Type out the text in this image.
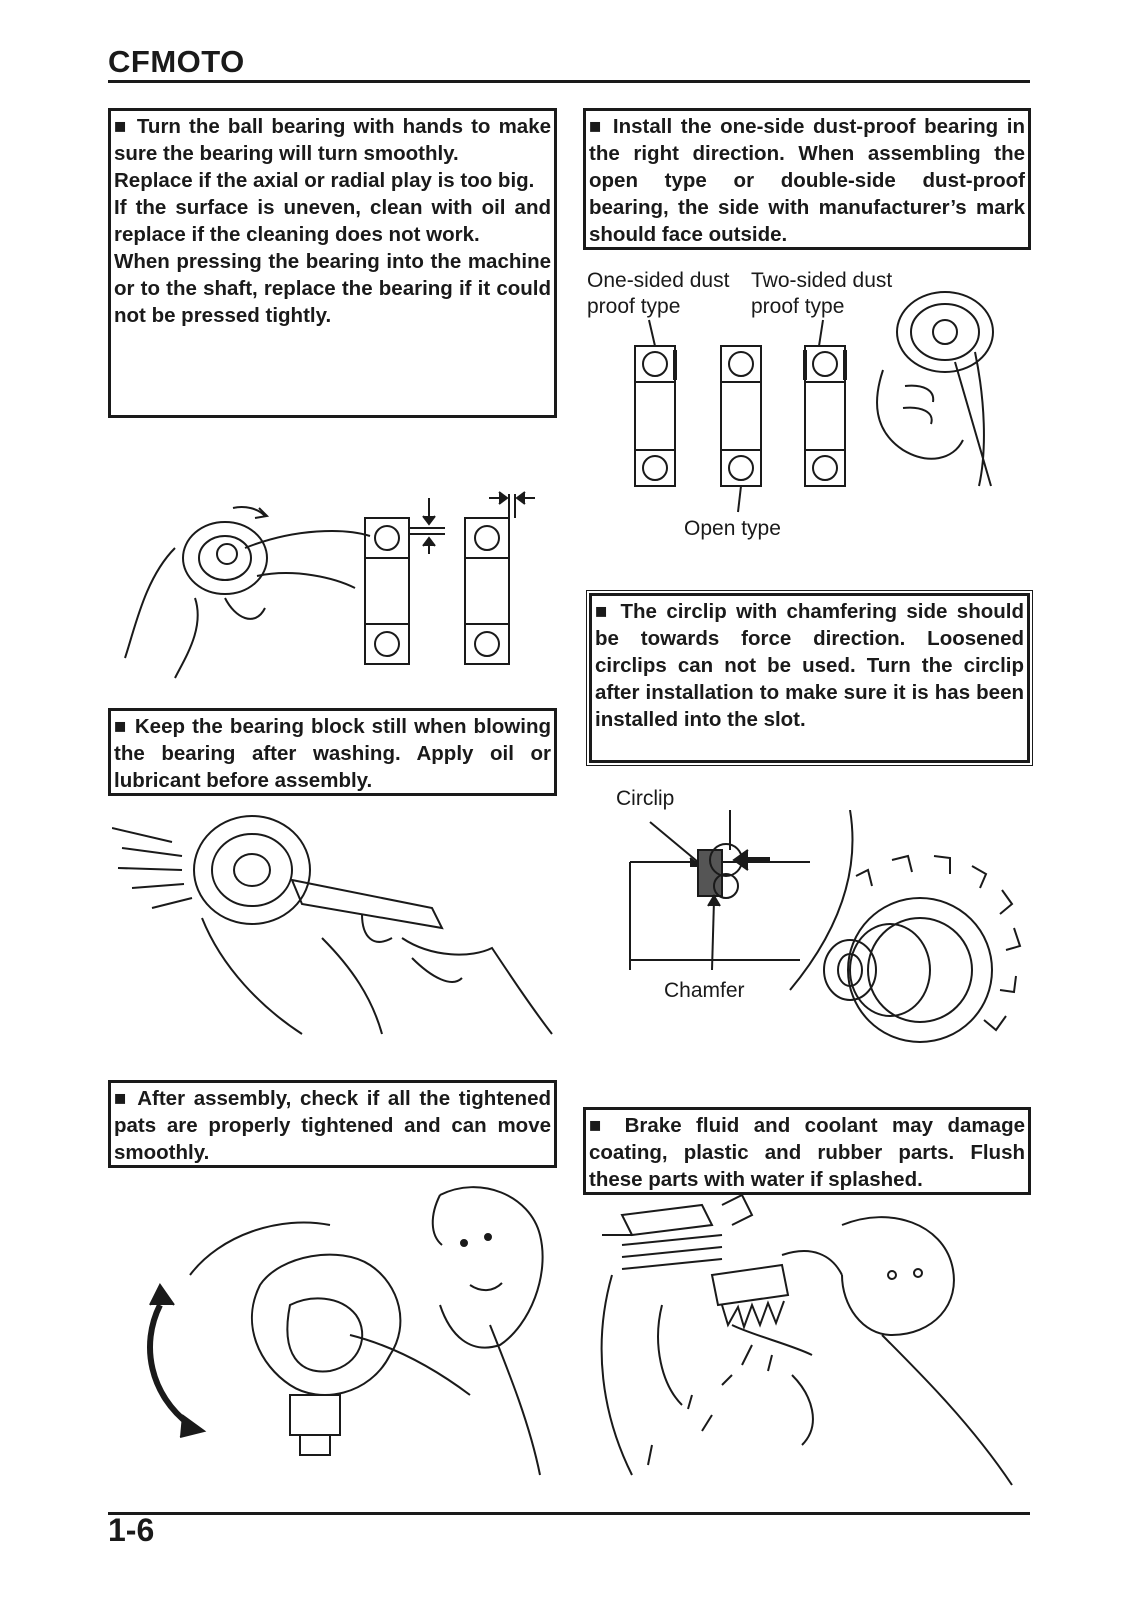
CFMOTO

■ Turn the ball bearing with hands to make sure the bearing will turn smoothly.

Replace if the axial or radial play is too big.

If the surface is uneven, clean with oil and replace if the cleaning does not work.

When pressing the bearing into the machine or to the shaft, replace the bearing if it could not be pressed tightly.

■ Install the one-side dust-proof bearing in the right direction. When assembling the open type or double-side dust-proof bearing, the side with manufacturer’s mark should face outside.

One-sided dust
proof type
Two-sided dust
proof type
Open type

■ The circlip with chamfering side should be towards force direction. Loosened circlips can not be used. Turn the circlip after installation to make sure it is has been installed into the slot.

■ Keep the bearing block still when blowing the bearing after washing. Apply oil or lubricant before assembly.

Circlip
Chamfer

■ After assembly, check if all the tightened pats are properly tightened and can move smoothly.

■ Brake fluid and coolant may damage coating, plastic and rubber parts. Flush these parts with water if splashed.

1-6
